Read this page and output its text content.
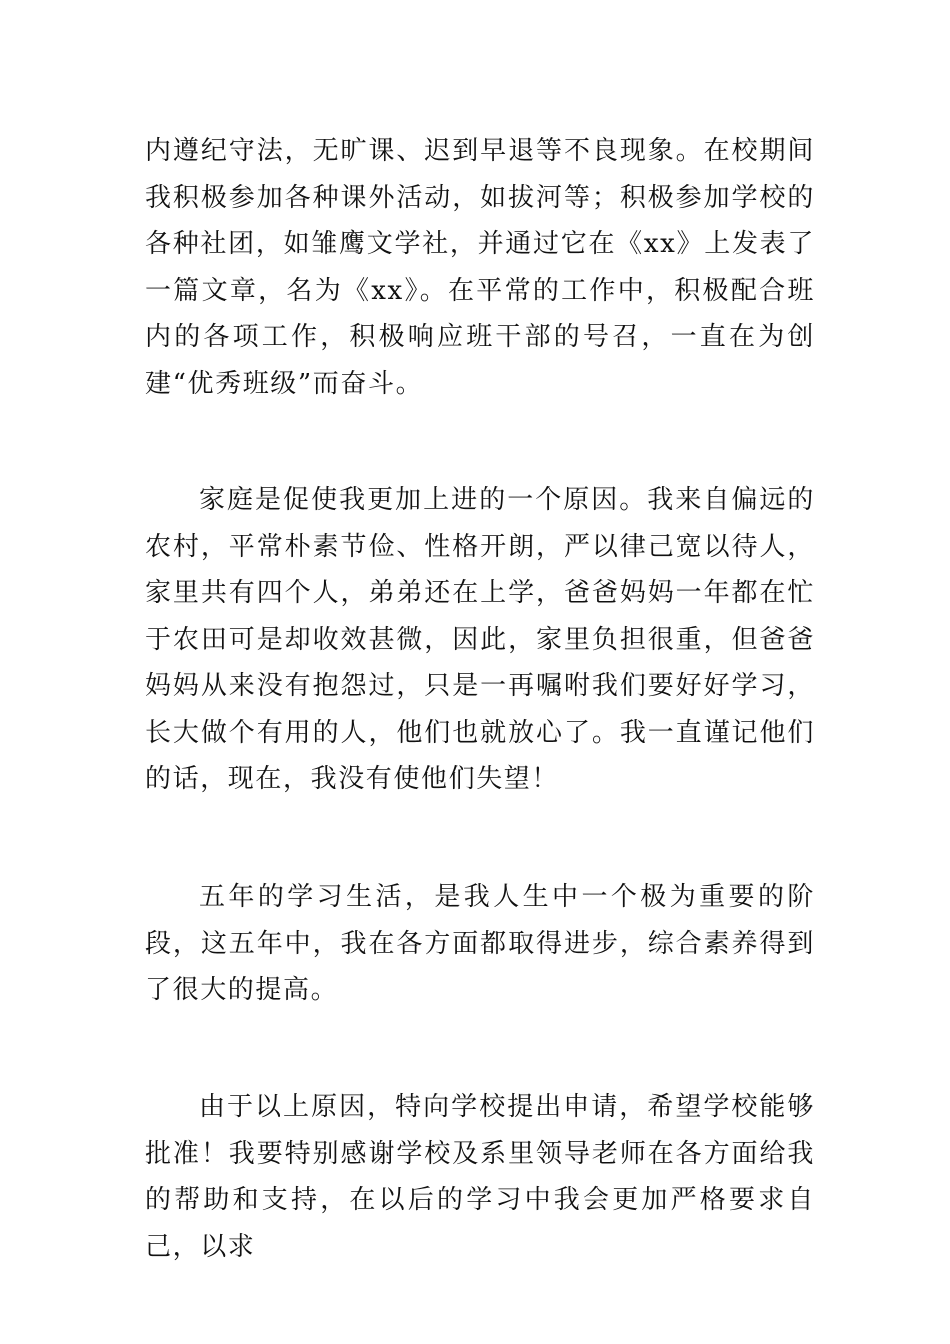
内遵纪守法，无旷课、迟到早退等不良现象。在校期间我积极参加各种课外活动，如拔河等；积极参加学校的各种社团，如雏鹰文学社，并通过它在《xx》上发表了一篇文章，名为《xx》。在平常的工作中，积极配合班内的各项工作，积极响应班干部的号召，一直在为创建“优秀班级”而奋斗。

家庭是促使我更加上进的一个原因。我来自偏远的农村，平常朴素节俭、性格开朗，严以律己宽以待人，家里共有四个人，弟弟还在上学，爸爸妈妈一年都在忙于农田可是却收效甚微，因此，家里负担很重，但爸爸妈妈从来没有抱怨过，只是一再嘱咐我们要好好学习，长大做个有用的人，他们也就放心了。我一直谨记他们的话，现在，我没有使他们失望！

五年的学习生活，是我人生中一个极为重要的阶段，这五年中，我在各方面都取得进步，综合素养得到了很大的提高。

由于以上原因，特向学校提出申请，希望学校能够批准！我要特别感谢学校及系里领导老师在各方面给我的帮助和支持，在以后的学习中我会更加严格要求自己，以求
